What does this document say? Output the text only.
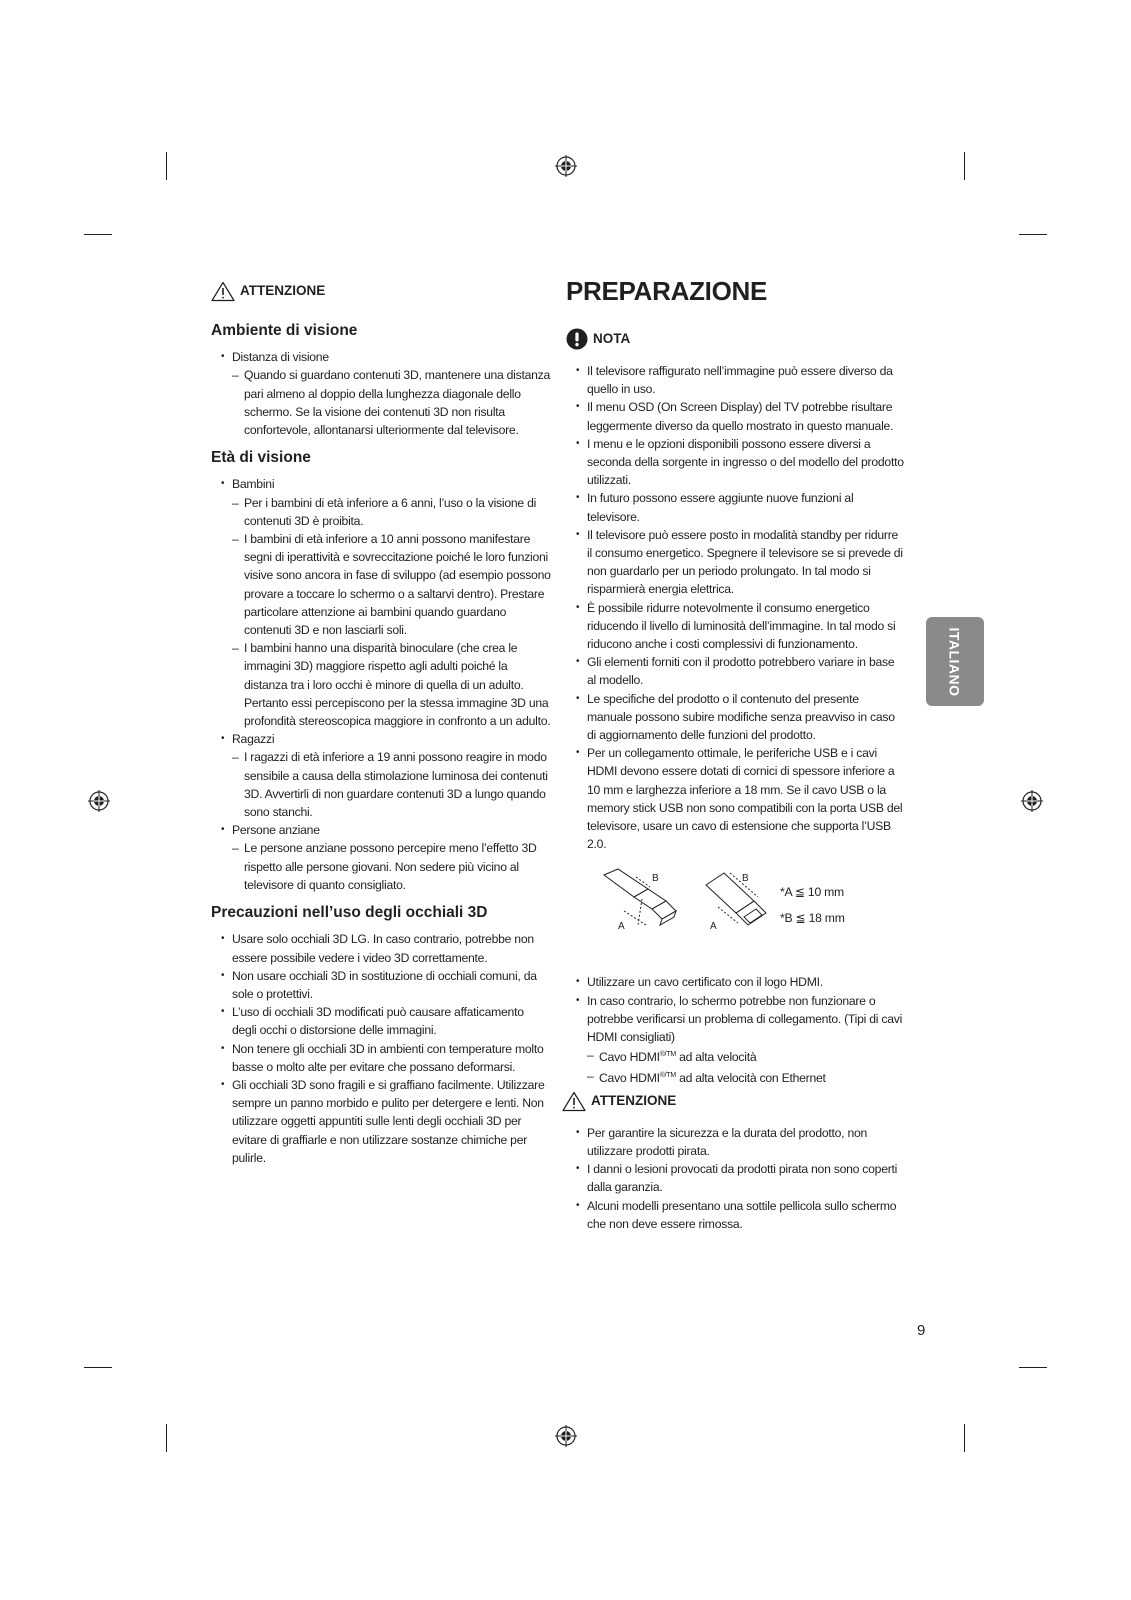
ATTENZIONE
Ambiente di visione
• Distanza di visione
– Quando si guardano contenuti 3D, mantenere una distanza pari almeno al doppio della lunghezza diagonale dello schermo. Se la visione dei contenuti 3D non risulta confortevole, allontanarsi ulteriormente dal televisore.
Età di visione
• Bambini
– Per i bambini di età inferiore a 6 anni, l’uso o la visione di contenuti 3D è proibita.
– I bambini di età inferiore a 10 anni possono manifestare segni di iperattività e sovreccitazione poiché le loro funzioni visive sono ancora in fase di sviluppo (ad esempio possono provare a toccare lo schermo o a saltarvi dentro). Prestare particolare attenzione ai bambini quando guardano contenuti 3D e non lasciarli soli.
– I bambini hanno una disparità binoculare (che crea le immagini 3D) maggiore rispetto agli adulti poiché la distanza tra i loro occhi è minore di quella di un adulto. Pertanto essi percepiscono per la stessa immagine 3D una profondità stereoscopica maggiore in confronto a un adulto.
• Ragazzi
– I ragazzi di età inferiore a 19 anni possono reagire in modo sensibile a causa della stimolazione luminosa dei contenuti 3D. Avvertirli di non guardare contenuti 3D a lungo quando sono stanchi.
• Persone anziane
– Le persone anziane possono percepire meno l’effetto 3D rispetto alle persone giovani. Non sedere più vicino al televisore di quanto consigliato.
Precauzioni nell’uso degli occhiali 3D
• Usare solo occhiali 3D LG. In caso contrario, potrebbe non essere possibile vedere i video 3D correttamente.
• Non usare occhiali 3D in sostituzione di occhiali comuni, da sole o protettivi.
• L’uso di occhiali 3D modificati può causare affaticamento degli occhi o distorsione delle immagini.
• Non tenere gli occhiali 3D in ambienti con temperature molto basse o molto alte per evitare che possano deformarsi.
• Gli occhiali 3D sono fragili e si graffiano facilmente. Utilizzare sempre un panno morbido e pulito per detergere e lenti. Non utilizzare oggetti appuntiti sulle lenti degli occhiali 3D per evitare di graffiarle e non utilizzare sostanze chimiche per pulirle.
PREPARAZIONE
NOTA
• Il televisore raffigurato nell’immagine può essere diverso da quello in uso.
• Il menu OSD (On Screen Display) del TV potrebbe risultare leggermente diverso da quello mostrato in questo manuale.
• I menu e le opzioni disponibili possono essere diversi a seconda della sorgente in ingresso o del modello del prodotto utilizzati.
• In futuro possono essere aggiunte nuove funzioni al televisore.
• Il televisore può essere posto in modalità standby per ridurre il consumo energetico. Spegnere il televisore se si prevede di non guardarlo per un periodo prolungato. In tal modo si risparmierà energia elettrica.
• È possibile ridurre notevolmente il consumo energetico riducendo il livello di luminosità dell’immagine. In tal modo si riducono anche i costi complessivi di funzionamento.
• Gli elementi forniti con il prodotto potrebbero variare in base al modello.
• Le specifiche del prodotto o il contenuto del presente manuale possono subire modifiche senza preavviso in caso di aggiornamento delle funzioni del prodotto.
• Per un collegamento ottimale, le periferiche USB e i cavi HDMI devono essere dotati di cornici di spessore inferiore a 10 mm e larghezza inferiore a 18 mm. Se il cavo USB o la memory stick USB non sono compatibili con la porta USB del televisore, usare un cavo di estensione che supporta l’USB 2.0.
B
A
B
A
*A ≦ 10 mm
*B ≦ 18 mm
• Utilizzare un cavo certificato con il logo HDMI.
• In caso contrario, lo schermo potrebbe non funzionare o potrebbe verificarsi un problema di collegamento. (Tipi di cavi HDMI consigliati)
– Cavo $HDMI^{®/TM}$ ad alta velocità
– Cavo $HDMI^{®/TM}$ ad alta velocità con Ethernet
ATTENZIONE
• Per garantire la sicurezza e la durata del prodotto, non utilizzare prodotti pirata.
• I danni o lesioni provocati da prodotti pirata non sono coperti dalla garanzia.
• Alcuni modelli presentano una sottile pellicola sullo schermo che non deve essere rimossa.
ITALIANO
9
